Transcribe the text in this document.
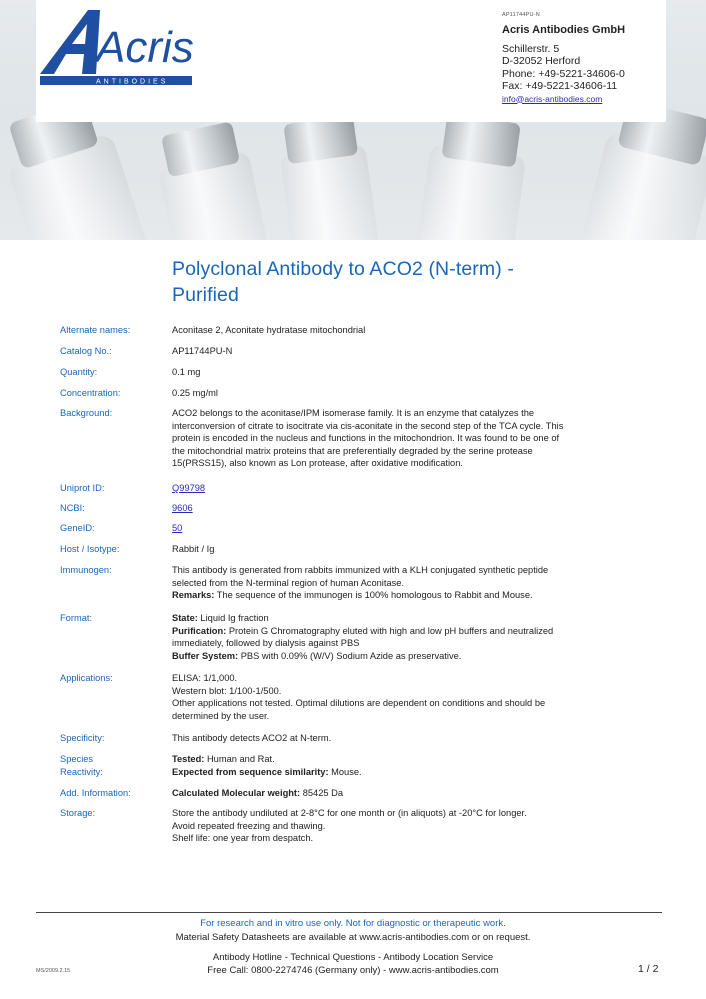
Acris
ANTIBODIES
AP11744PU-N
Acris Antibodies GmbH
Schillerstr. 5
D-32052 Herford
Phone: +49-5221-34606-0
Fax: +49-5221-34606-11
info@acris-antibodies.com
Polyclonal Antibody to ACO2 (N-term) -
Purified
Alternate names:	Aconitase 2, Aconitate hydratase mitochondrial
Catalog No.:	AP11744PU-N
Quantity:	0.1 mg
Concentration:	0.25 mg/ml
Background:	ACO2 belongs to the aconitase/IPM isomerase family. It is an enzyme that catalyzes the
interconversion of citrate to isocitrate via cis-aconitate in the second step of the TCA cycle. This
protein is encoded in the nucleus and functions in the mitochondrion. It was found to be one of
the mitochondrial matrix proteins that are preferentially degraded by the serine protease
15(PRSS15), also known as Lon protease, after oxidative modification.
Uniprot ID:	Q99798
NCBI:	9606
GeneID:	50
Host / Isotype:	Rabbit / Ig
Immunogen:	This antibody is generated from rabbits immunized with a KLH conjugated synthetic peptide
selected from the N-terminal region of human Aconitase.
Remarks: The sequence of the immunogen is 100% homologous to Rabbit and Mouse.
Format:	State: Liquid Ig fraction
Purification: Protein G Chromatography eluted with high and low pH buffers and neutralized
immediately, followed by dialysis against PBS
Buffer System: PBS with 0.09% (W/V) Sodium Azide as preservative.
Applications:	ELISA: 1/1,000.
Western blot: 1/100-1/500.
Other applications not tested. Optimal dilutions are dependent on conditions and should be
determined by the user.
Specificity:	This antibody detects ACO2 at N-term.
Species
Reactivity:
Tested: Human and Rat.
Expected from sequence similarity: Mouse.
Add. Information:	Calculated Molecular weight: 85425 Da
Storage:	Store the antibody undiluted at 2-8°C for one month or (in aliquots) at -20°C for longer.
Avoid repeated freezing and thawing.
Shelf life: one year from despatch.
For research and in vitro use only. Not for diagnostic or therapeutic work.
Material Safety Datasheets are available at www.acris-antibodies.com or on request.
Antibody Hotline - Technical Questions - Antibody Location Service
Free Call: 0800-2274746 (Germany only) - www.acris-antibodies.com
MS/2009.2.15	1 / 2
